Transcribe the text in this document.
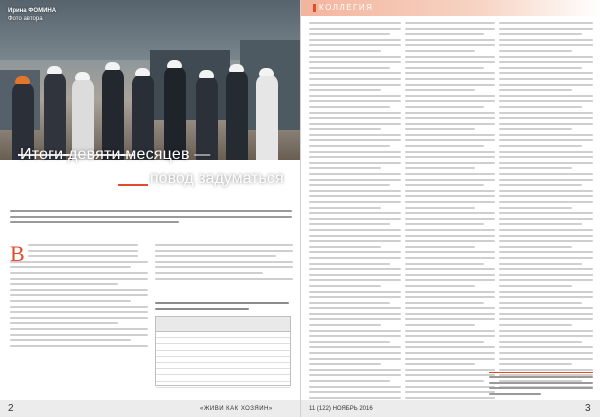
Ирина ФОМИНА
Фото автора
Итоги девяти месяцев —
повод задуматься
В
2	«ЖИВИ КАК ХОЗЯИН»
КОЛЛЕГИЯ
11 (122) НОЯБРЬ 2016	3
